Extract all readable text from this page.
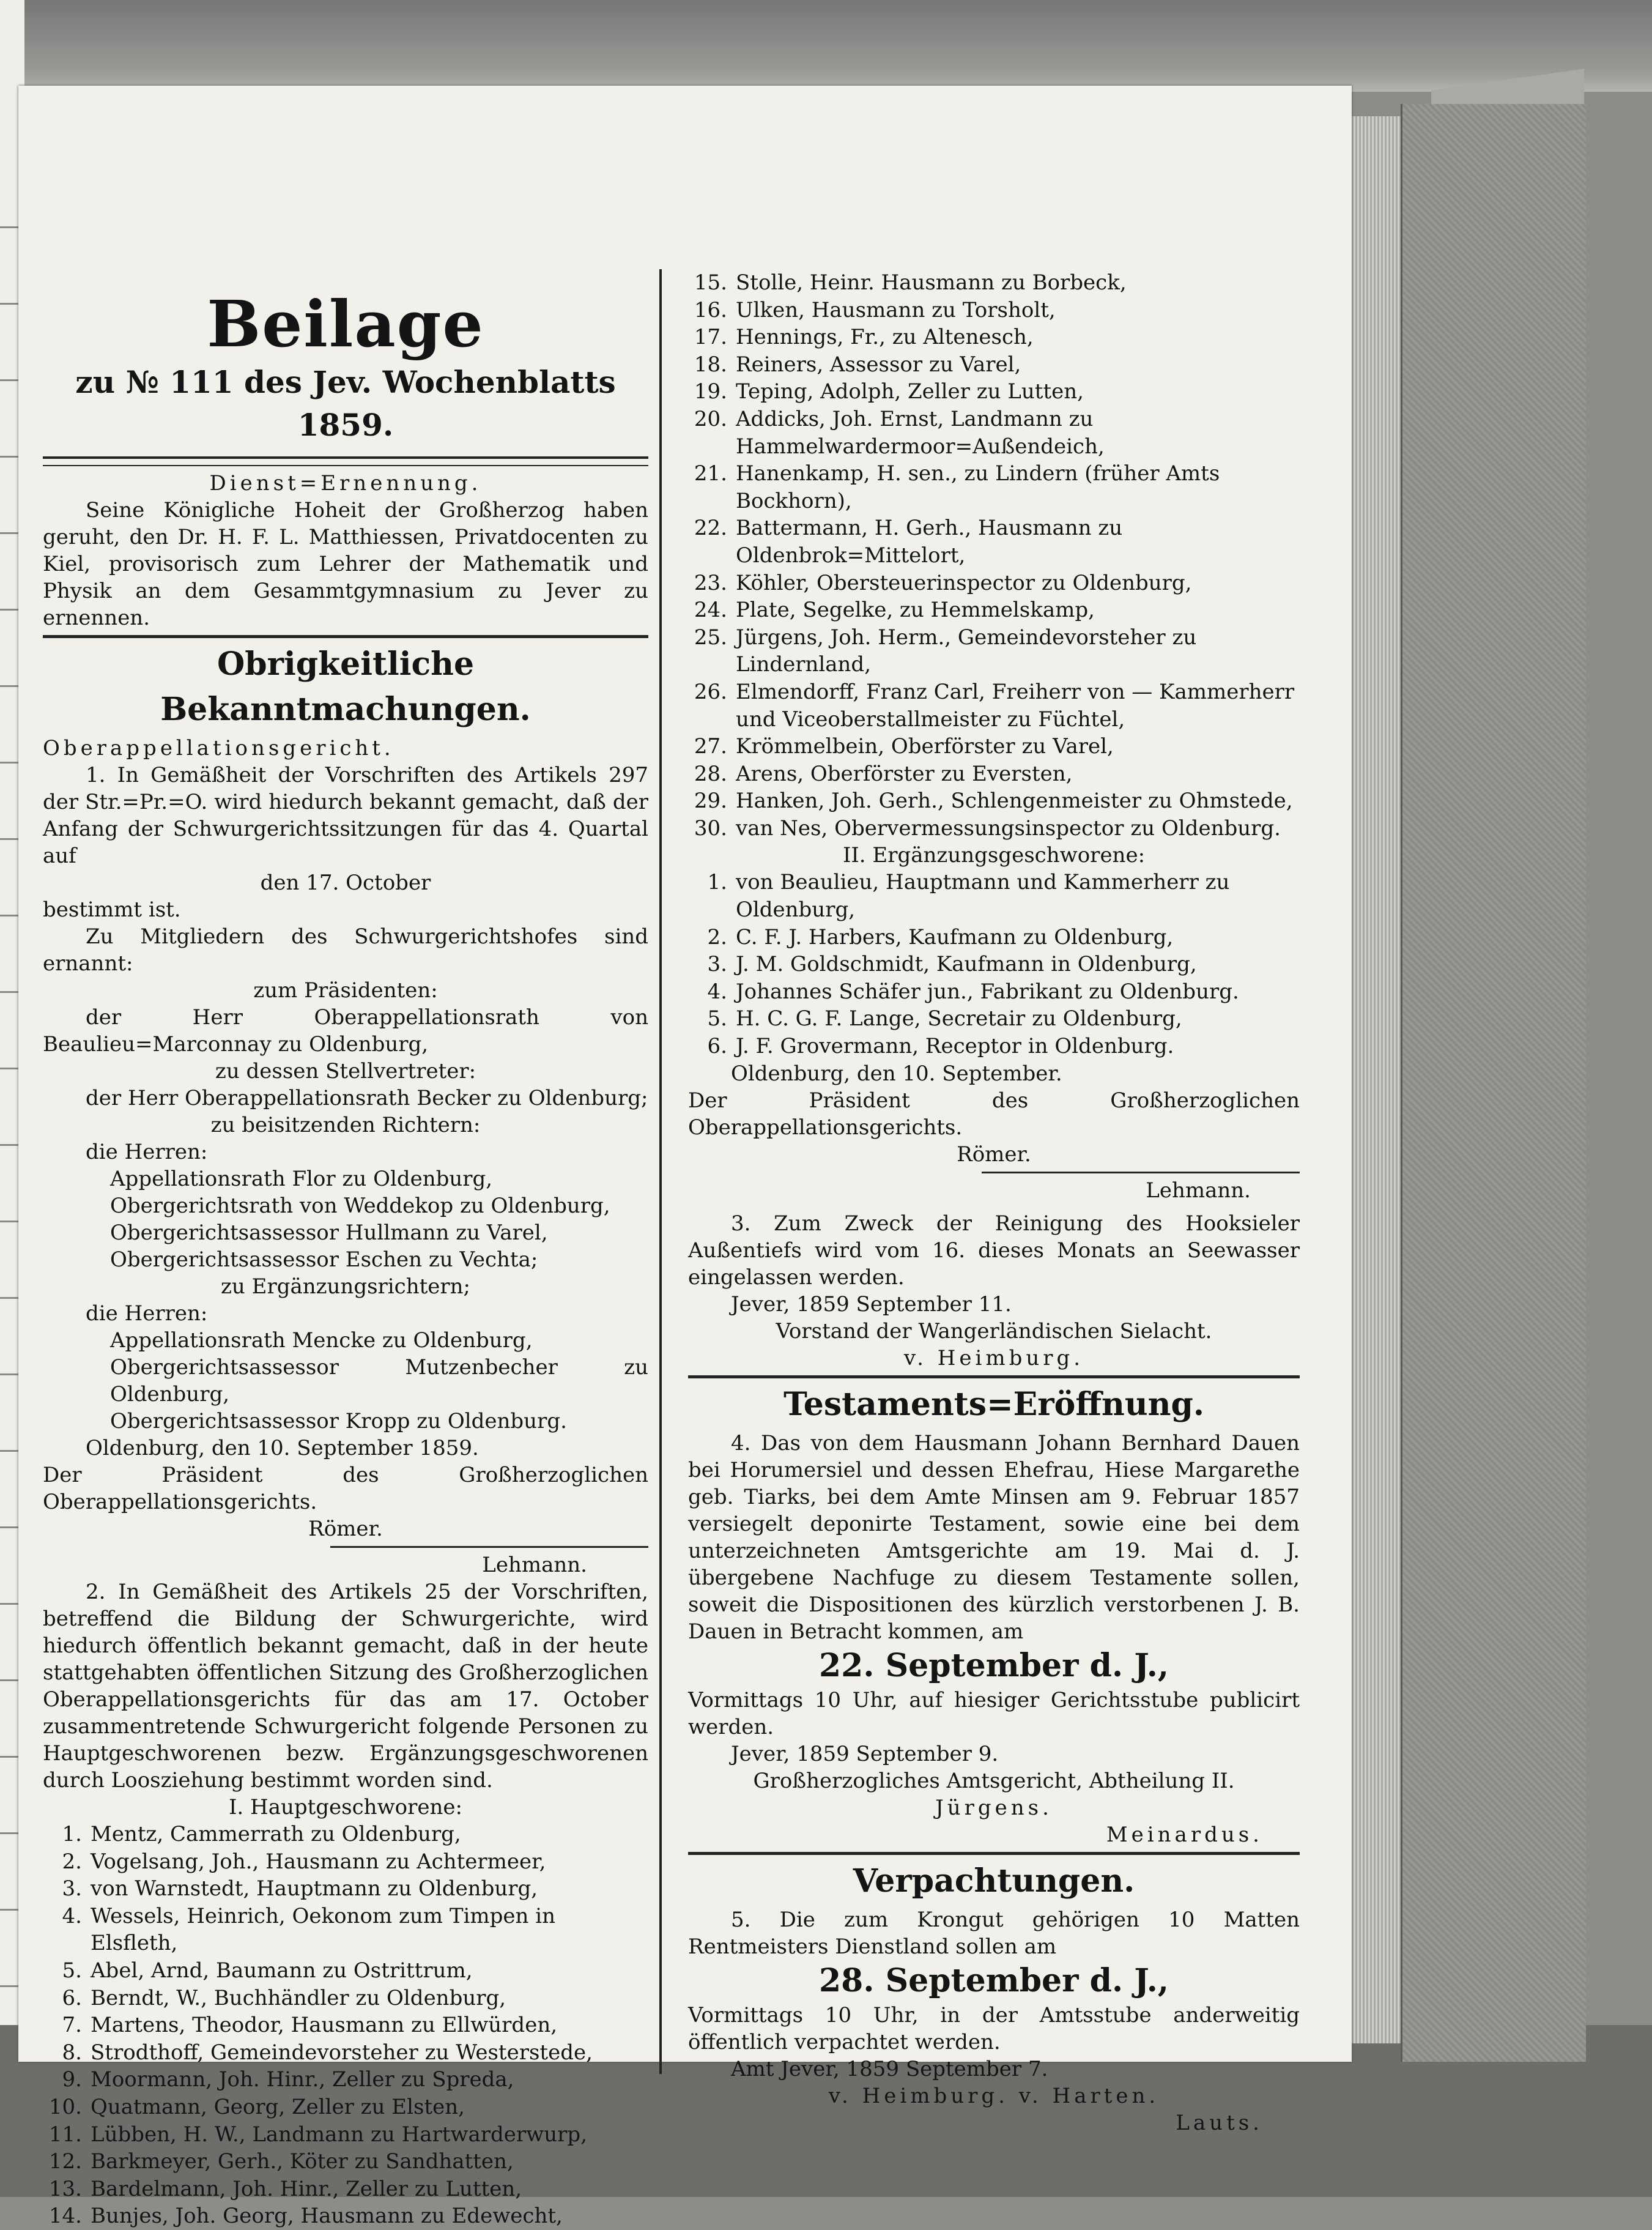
Beilage
zu № 111 des Jev. Wochenblatts 1859.
Dienst=Ernennung.
Seine Königliche Hoheit der Großherzog haben geruht, den Dr. H. F. L. Matthiessen, Privatdocenten zu Kiel, provisorisch zum Lehrer der Mathematik und Physik an dem Gesammtgymnasium zu Jever zu ernennen.
Obrigkeitliche Bekanntmachungen.
Oberappellationsgericht.
1. In Gemäßheit der Vorschriften des Artikels 297 der Str.=Pr.=O. wird hiedurch bekannt gemacht, daß der Anfang der Schwurgerichtssitzungen für das 4. Quartal auf
den 17. October
bestimmt ist.
Zu Mitgliedern des Schwurgerichtshofes sind ernannt:
zum Präsidenten:
der Herr Oberappellationsrath von Beaulieu=Marconnay zu Oldenburg,
zu dessen Stellvertreter:
der Herr Oberappellationsrath Becker zu Oldenburg;
zu beisitzenden Richtern:
die Herren:
Appellationsrath Flor zu Oldenburg,
Obergerichtsrath von Weddekop zu Oldenburg,
Obergerichtsassessor Hullmann zu Varel,
Obergerichtsassessor Eschen zu Vechta;
zu Ergänzungsrichtern;
die Herren:
Appellationsrath Mencke zu Oldenburg,
Obergerichtsassessor Mutzenbecher zu Oldenburg,
Obergerichtsassessor Kropp zu Oldenburg.
Oldenburg, den 10. September 1859.
Der Präsident des Großherzoglichen Oberappellationsgerichts.
Römer.
Lehmann.
2. In Gemäßheit des Artikels 25 der Vorschriften, betreffend die Bildung der Schwurgerichte, wird hiedurch öffentlich bekannt gemacht, daß in der heute stattgehabten öffentlichen Sitzung des Großherzoglichen Oberappellationsgerichts für das am 17. October zusammentretende Schwurgericht folgende Personen zu Hauptgeschworenen bezw. Ergänzungsgeschworenen durch Loosziehung bestimmt worden sind.
I. Hauptgeschworene:
1. Mentz, Cammerrath zu Oldenburg,
2. Vogelsang, Joh., Hausmann zu Achtermeer,
3. von Warnstedt, Hauptmann zu Oldenburg,
4. Wessels, Heinrich, Oekonom zum Timpen in Elsfleth,
5. Abel, Arnd, Baumann zu Ostrittrum,
6. Berndt, W., Buchhändler zu Oldenburg,
7. Martens, Theodor, Hausmann zu Ellwürden,
8. Strodthoff, Gemeindevorsteher zu Westerstede,
9. Moormann, Joh. Hinr., Zeller zu Spreda,
10. Quatmann, Georg, Zeller zu Elsten,
11. Lübben, H. W., Landmann zu Hartwarderwurp,
12. Barkmeyer, Gerh., Köter zu Sandhatten,
13. Bardelmann, Joh. Hinr., Zeller zu Lutten,
14. Bunjes, Joh. Georg, Hausmann zu Edewecht,
15. Stolle, Heinr. Hausmann zu Borbeck,
16. Ulken, Hausmann zu Torsholt,
17. Hennings, Fr., zu Altenesch,
18. Reiners, Assessor zu Varel,
19. Teping, Adolph, Zeller zu Lutten,
20. Addicks, Joh. Ernst, Landmann zu Hammelwardermoor=Außendeich,
21. Hanenkamp, H. sen., zu Lindern (früher Amts Bockhorn),
22. Battermann, H. Gerh., Hausmann zu Oldenbrok=Mittelort,
23. Köhler, Obersteuerinspector zu Oldenburg,
24. Plate, Segelke, zu Hemmelskamp,
25. Jürgens, Joh. Herm., Gemeindevorsteher zu Lindernland,
26. Elmendorff, Franz Carl, Freiherr von — Kammerherr und Viceoberstallmeister zu Füchtel,
27. Krömmelbein, Oberförster zu Varel,
28. Arens, Oberförster zu Eversten,
29. Hanken, Joh. Gerh., Schlengenmeister zu Ohmstede,
30. van Nes, Obervermessungsinspector zu Oldenburg.
II. Ergänzungsgeschworene:
1. von Beaulieu, Hauptmann und Kammerherr zu Oldenburg,
2. C. F. J. Harbers, Kaufmann zu Oldenburg,
3. J. M. Goldschmidt, Kaufmann in Oldenburg,
4. Johannes Schäfer jun., Fabrikant zu Oldenburg.
5. H. C. G. F. Lange, Secretair zu Oldenburg,
6. J. F. Grovermann, Receptor in Oldenburg.
Oldenburg, den 10. September.
Der Präsident des Großherzoglichen Oberappellationsgerichts.
Römer.
Lehmann.
3. Zum Zweck der Reinigung des Hooksieler Außentiefs wird vom 16. dieses Monats an Seewasser eingelassen werden.
Jever, 1859 September 11.
Vorstand der Wangerländischen Sielacht.
v. Heimburg.
Testaments=Eröffnung.
4. Das von dem Hausmann Johann Bernhard Dauen bei Horumersiel und dessen Ehefrau, Hiese Margarethe geb. Tiarks, bei dem Amte Minsen am 9. Februar 1857 versiegelt deponirte Testament, sowie eine bei dem unterzeichneten Amtsgerichte am 19. Mai d. J. übergebene Nachfuge zu diesem Testamente sollen, soweit die Dispositionen des kürzlich verstorbenen J. B. Dauen in Betracht kommen, am
22. September d. J.,
Vormittags 10 Uhr, auf hiesiger Gerichtsstube publicirt werden.
Jever, 1859 September 9.
Großherzogliches Amtsgericht, Abtheilung II.
Jürgens.
Meinardus.
Verpachtungen.
5. Die zum Krongut gehörigen 10 Matten Rentmeisters Dienstland sollen am
28. September d. J.,
Vormittags 10 Uhr, in der Amtsstube anderweitig öffentlich verpachtet werden.
Amt Jever, 1859 September 7.
v. Heimburg. v. Harten.
Lauts.
